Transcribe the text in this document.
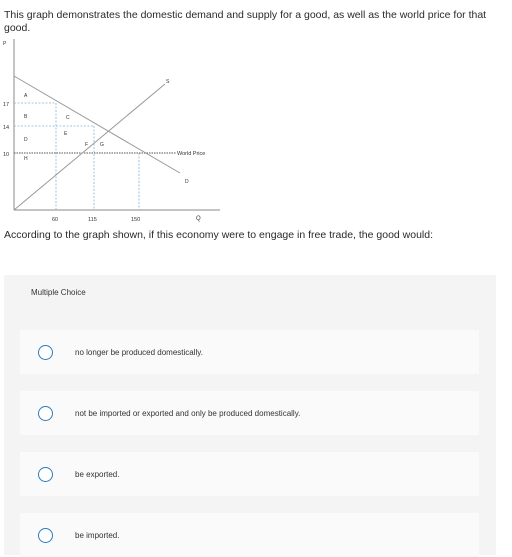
This graph demonstrates the domestic demand and supply for a good, as well as the world price for that good.
P
Q
17
14
10
60	115	150
World Price
S
D
A
B	C
D
E
F G
H
According to the graph shown, if this economy were to engage in free trade, the good would:
Multiple Choice
no longer be produced domestically.
not be imported or exported and only be produced domestically.
be exported.
be imported.
